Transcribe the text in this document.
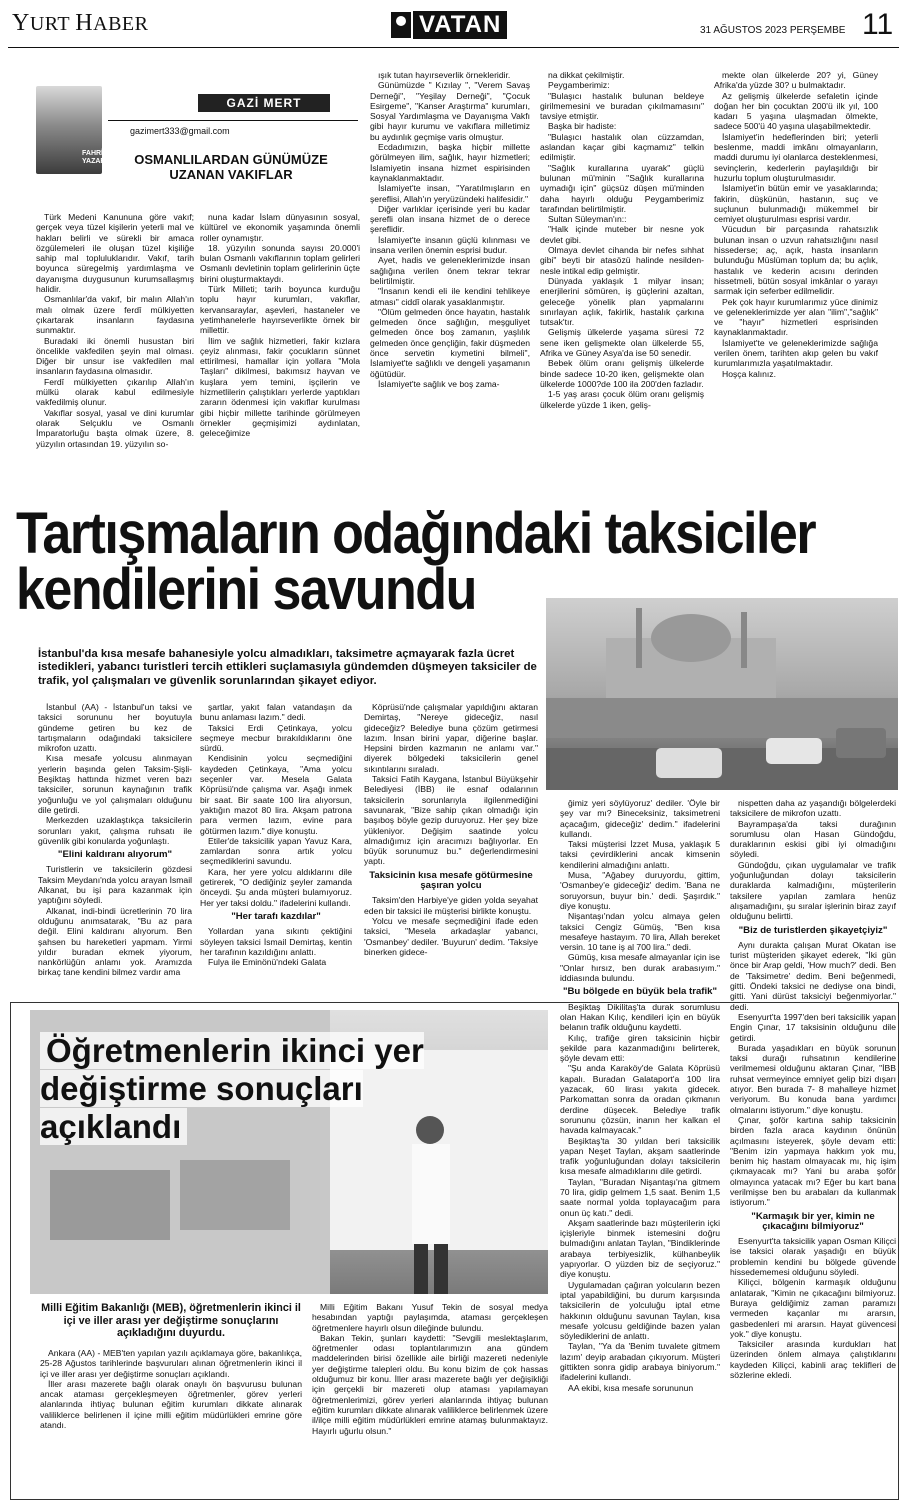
YURT HABER	VATAN	31 AĞUSTOS 2023 PERŞEMBE 11
FAHRİ YAZAR
GAZİ MERT
gazimert333@gmail.com
OSMANLILARDAN GÜNÜMÜZE UZANAN VAKIFLAR

Türk Medeni Kanununa göre vakıf; gerçek veya tüzel kişilerin yeterli mal ve hakları belirli ve sürekli bir amaca özgülemeleri ile oluşan tüzel kişiliğe sahip mal topluluklarıdır. Vakıf, tarih boyunca süregelmiş yardımlaşma ve dayanışma duygusunun kurumsallaşmış halidir.

Osmanlılar'da vakıf, bir malın Allah'ın malı olmak üzere ferdî mülkiyetten çıkartarak insanların faydasına sunmaktır.

Buradaki iki önemli husustan biri öncelikle vakfedilen şeyin mal olması. Diğer bir unsur ise vakfedilen mal insanların faydasına olmasıdır.

Ferdî mülkiyetten çıkarılıp Allah'ın mülkü olarak kabul edilmesiyle vakfedilmiş olunur.

Vakıflar sosyal, yasal ve dini kurumlar olarak Selçuklu ve Osmanlı İmparatorluğu başta olmak üzere, 8. yüzyılın ortasından 19. yüzyılın so-

nuna kadar İslam dünyasının sosyal, kültürel ve ekonomik yaşamında önemli roller oynamıştır.

18. yüzyılın sonunda sayısı 20.000'i bulan Osmanlı vakıflarının toplam gelirleri Osmanlı devletinin toplam gelirlerinin üçte birini oluşturmaktaydı.

Türk Milleti; tarih boyunca kurduğu toplu hayır kurumları, vakıflar, kervansaraylar, aşevleri, hastaneler ve yetimhanelerle hayırseverlikte örnek bir millettir.

İlim ve sağlık hizmetleri, fakir kızlara çeyiz alınması, fakir çocukların sünnet ettirilmesi, hamallar için yollara "Mola Taşları" dikilmesi, bakımsız hayvan ve kuşlara yem temini, işçilerin ve hizmetlilerin çalıştıkları yerlerde yaptıkları zararın ödenmesi için vakıflar kurulması gibi hiçbir millette tarihinde görülmeyen örnekler geçmişimizi aydınlatan, geleceğimize

ışık tutan hayırseverlik örnekleridir.

Günümüzde " Kızılay ", "Verem Savaş Derneği", "Yeşilay Derneği", "Çocuk Esirgeme", "Kanser Araştırma" kurumları, Sosyal Yardımlaşma ve Dayanışma Vakfı gibi hayır kurumu ve vakıflara milletimiz bu aydınlık geçmişe varis olmuştur.

Ecdadımızın, başka hiçbir millette görülmeyen ilim, sağlık, hayır hizmetleri; İslamiyetin insana hizmet espirisinden kaynaklanmaktadır.

İslamiyet'te insan, "Yaratılmışların en şereflisi, Allah'ın yeryüzündeki halifesidir."

Diğer varlıklar içerisinde yeri bu kadar şerefli olan insana hizmet de o derece şereflidir.

İslamiyet'te insanın güçlü kılınması ve insana verilen önemin esprisi budur.

Ayet, hadis ve geleneklerimizde insan sağlığına verilen önem tekrar tekrar belirtilmiştir.

"İnsanın kendi eli ile kendini tehlikeye atması" ciddî olarak yasaklanmıştır.

"Ölüm gelmeden önce hayatın, hastalık gelmeden önce sağlığın, meşguliyet gelmeden önce boş zamanın, yaşlılık gelmeden önce gençliğin, fakir düşmeden önce servetin kıymetini bilmeli", İslamiyet'te sağlıklı ve dengeli yaşamanın öğütüdür.

İslamiyet'te sağlık ve boş zama-

na dikkat çekilmiştir.

Peygamberimiz:

"Bulaşıcı hastalık bulunan beldeye girilmemesini ve buradan çıkılmamasını" tavsiye etmiştir.

Başka bir hadiste:

"Bulaşıcı hastalık olan cüzzamdan, aslandan kaçar gibi kaçmamız" telkin edilmiştir.

"Sağlık kurallarına uyarak" güçlü bulunan mü'minin "Sağlık kurallarına uymadığı için" güçsüz düşen mü'minden daha hayırlı olduğu Peygamberimiz tarafından belirtilmiştir.

Sultan Süleyman'ın::

"Halk içinde muteber bir nesne yok devlet gibi.

Olmaya devlet cihanda bir nefes sıhhat gibi" beyti bir atasözü halinde nesilden-nesle intikal edip gelmiştir.

Dünyada yaklaşık 1 milyar insan; enerjilerini sömüren, iş güçlerini azaltan, geleceğe yönelik plan yapmalarını sınırlayan açlık, fakirlik, hastalık çarkına tutsak'tır.

Gelişmiş ülkelerde yaşama süresi 72 sene iken gelişmekte olan ülkelerde 55, Afrika ve Güney Asya'da ise 50 senedir.

Bebek ölüm oranı gelişmiş ülkelerde binde sadece 10-20 iken, gelişmekte olan ülkelerde 1000?de 100 ila 200'den fazladır.

1-5 yaş arası çocuk ölüm oranı gelişmiş ülkelerde yüzde 1 iken, geliş-

mekte olan ülkelerde 20? yi, Güney Afrika'da yüzde 30? u bulmaktadır.

Az gelişmiş ülkelerde sefaletin içinde doğan her bin çocuktan 200'ü ilk yıl, 100 kadarı 5 yaşına ulaşmadan ölmekte, sadece 500'ü 40 yaşına ulaşabilmektedir.

İslamiyet'in hedeflerinden biri; yeterli beslenme, maddi imkânı olmayanların, maddi durumu iyi olanlarca desteklenmesi, sevinçlerin, kederlerin paylaşıldığı bir huzurlu toplum oluşturulmasıdır.

İslamiyet'in bütün emir ve yasaklarında; fakirin, düşkünün, hastanın, suç ve suçlunun bulunmadığı mükemmel bir cemiyet oluşturulması esprisi vardır.

Vücudun bir parçasında rahatsızlık bulunan insan o uzvun rahatsızlığını nasıl hissederse; aç, açık, hasta insanların bulunduğu Müslüman toplum da; bu açlık, hastalık ve kederin acısını derinden hissetmeli, bütün sosyal imkânlar o yarayı sarmak için seferber edilmelidir.

Pek çok hayır kurumlarımız yüce dinimiz ve geleneklerimizde yer alan "ilim","sağlık" ve "hayır" hizmetleri esprisinden kaynaklanmaktadır.

İslamiyet'te ve geleneklerimizde sağlığa verilen önem, tarihten akıp gelen bu vakıf kurumlarımızla yaşatılmaktadır.

Hoşça kalınız.

Tartışmaların odağındaki taksiciler kendilerini savundu
İstanbul'da kısa mesafe bahanesiyle yolcu almadıkları, taksimetre açmayarak fazla ücret istedikleri, yabancı turistleri tercih ettikleri suçlamasıyla gündemden düşmeyen taksiciler de trafik, yol çalışmaları ve güvenlik sorunlarından şikayet ediyor.

İstanbul (AA) - İstanbul'un taksi ve taksici sorununu her boyutuyla gündeme getiren bu kez de tartışmaların odağındaki taksicilere mikrofon uzattı.

Kısa mesafe yolcusu alınmayan yerlerin başında gelen Taksim-Şişli-Beşiktaş hattında hizmet veren bazı taksiciler, sorunun kaynağının trafik yoğunluğu ve yol çalışmaları olduğunu dile getirdi.

Merkezden uzaklaştıkça taksicilerin sorunları yakıt, çalışma ruhsatı ile güvenlik gibi konularda yoğunlaştı.

"Elini kaldıranı alıyorum"

Turistlerin ve taksicilerin gözdesi Taksim Meydanı'nda yolcu arayan İsmail Alkanat, bu işi para kazanmak için yaptığını söyledi.

Alkanat, indi-bindi ücretlerinin 70 lira olduğunu anımsatarak, "Bu az para değil. Elini kaldıranı alıyorum. Ben şahsen bu hareketleri yapmam. Yirmi yıldır buradan ekmek yiyorum, nankörlüğün anlamı yok. Aramızda birkaç tane kendini bilmez vardır ama

şartlar, yakıt falan vatandaşın da bunu anlaması lazım." dedi.

Taksici Erdi Çetinkaya, yolcu seçmeye mecbur bırakıldıklarını öne sürdü.

Kendisinin yolcu seçmediğini kaydeden Çetinkaya, "Ama yolcu seçenler var. Mesela Galata Köprüsü'nde çalışma var. Aşağı inmek bir saat. Bir saate 100 lira alıyorsun, yaktığın mazot 80 lira. Akşam patrona para vermen lazım, evine para götürmen lazım." diye konuştu.

Etiler'de taksicilik yapan Yavuz Kara, zamlardan sonra artık yolcu seçmediklerini savundu.

Kara, her yere yolcu aldıklarını dile getirerek, "O dediğiniz şeyler zamanda önceydi. Şu anda müşteri bulamıyoruz. Her yer taksi doldu." ifadelerini kullandı.

"Her tarafı kazdılar"

Yollardan yana sıkıntı çektiğini söyleyen taksici İsmail Demirtaş, kentin her tarafının kazıldığını anlattı.

Fulya ile Eminönü'ndeki Galata

Köprüsü'nde çalışmalar yapıldığını aktaran Demirtaş, "Nereye gideceğiz, nasıl gideceğiz? Belediye buna çözüm getirmesi lazım. İnsan birini yapar, diğerine başlar. Hepsini birden kazmanın ne anlamı var." diyerek bölgedeki taksicilerin genel sıkıntılarını sıraladı.

Taksici Fatih Kaygana, İstanbul Büyükşehir Belediyesi (İBB) ile esnaf odalarının taksicilerin sorunlarıyla ilgilenmediğini savunarak, "Bize sahip çıkan olmadığı için başıboş böyle gezip duruyoruz. Her şey bize yükleniyor. Değişim saatinde yolcu almadığımız için aracımızı bağlıyorlar. En büyük sorunumuz bu." değerlendirmesini yaptı.

Taksicinin kısa mesafe götürmesine şaşıran yolcu

Taksim'den Harbiye'ye giden yolda seyahat eden bir taksici ile müşterisi birlikte konuştu.

Yolcu ve mesafe seçmediğini ifade eden taksici, "Mesela arkadaşlar yabancı, 'Osmanbey' dediler. 'Buyurun' dedim. 'Taksiye binerken gidece-

ğimiz yeri söylüyoruz' dediler. 'Öyle bir şey var mı? Bineceksiniz, taksimetreni açacağım, gideceğiz' dedim." ifadelerini kullandı.

Taksi müşterisi İzzet Musa, yaklaşık 5 taksi çevirdiklerini ancak kimsenin kendilerini almadığını anlattı.

Musa, "Ağabey duruyordu, gittim, 'Osmanbey'e gideceğiz' dedim. 'Bana ne soruyorsun, buyur bin.' dedi. Şaşırdık." diye konuştu.

Nişantaşı'ndan yolcu almaya gelen taksici Cengiz Gümüş, "Ben kısa mesafeye hastayım. 70 lira, Allah bereket versin. 10 tane iş al 700 lira." dedi.

Gümüş, kısa mesafe almayanlar için ise "Onlar hırsız, ben durak arabasıyım." iddiasında bulundu.

"Bu bölgede en büyük bela trafik"

Beşiktaş Dikilitaş'ta durak sorumlusu olan Hakan Kılıç, kendileri için en büyük belanın trafik olduğunu kaydetti.

Kılıç, trafiğe giren taksicinin hiçbir şekilde para kazanmadığını belirterek, şöyle devam etti:

"Şu anda Karaköy'de Galata Köprüsü kapalı. Buradan Galataport'a 100 lira yazacak, 60 lirası yakıta gidecek. Parkomattan sonra da oradan çıkmanın derdine düşecek. Belediye trafik sorununu çözsün, inanın her kalkan el havada kalmayacak."

Beşiktaş'ta 30 yıldan beri taksicilik yapan Neşet Taylan, akşam saatlerinde trafik yoğunluğundan dolayı taksicilerin kısa mesafe almadıklarını dile getirdi.

Taylan, "Buradan Nişantaşı'na gitmem 70 lira, gidip gelmem 1,5 saat. Benim 1,5 saate normal yolda toplayacağım para onun üç katı." dedi.

Akşam saatlerinde bazı müşterilerin içki içişleriyle binmek istemesini doğru bulmadığını anlatan Taylan, "Bindiklerinde arabaya terbiyesizlik, külhanbeylik yapıyorlar. O yüzden biz de seçiyoruz." diye konuştu.

Uygulamadan çağıran yolcuların bezen iptal yapabildiğini, bu durum karşısında taksicilerin de yolculuğu iptal etme hakkının olduğunu savunan Taylan, kısa mesafe yolcusu geldiğinde bazen yalan söylediklerini de anlattı.

Taylan, "Ya da 'Benim tuvalete gitmem lazım' deyip arabadan çıkıyorum. Müşteri gittikten sonra gidip arabaya biniyorum." ifadelerini kullandı.

AA ekibi, kısa mesafe sorununun

nispetten daha az yaşandığı bölgelerdeki taksicilere de mikrofon uzattı.

Bayrampaşa'da taksi durağının sorumlusu olan Hasan Gündoğdu, duraklarının eskisi gibi iyi olmadığını söyledi.

Gündoğdu, çıkan uygulamalar ve trafik yoğunluğundan dolayı taksicilerin duraklarda kalmadığını, müşterilerin taksilere yapılan zamlara henüz alışamadığını, şu sıralar işlerinin biraz zayıf olduğunu belirtti.

"Biz de turistlerden şikayetçiyiz"

Aynı durakta çalışan Murat Okatan ise turist müşteriden şikayet ederek, "İki gün önce bir Arap geldi, 'How much?' dedi. Ben de 'Taksimetre' dedim. Beni beğenmedi, gitti. Öndeki taksici ne dediyse ona bindi, gitti. Yani dürüst taksiciyi beğenmiyorlar." dedi.

Esenyurt'ta 1997'den beri taksicilik yapan Engin Çınar, 17 taksisinin olduğunu dile getirdi.

Burada yaşadıkları en büyük sorunun taksi durağı ruhsatının kendilerine verilmemesi olduğunu aktaran Çınar, "İBB ruhsat vermeyince emniyet gelip bizi dışarı atıyor. Ben burada 7- 8 mahalleye hizmet veriyorum. Bu konuda bana yardımcı olmalarını istiyorum." diye konuştu.

Çınar, şoför kartına sahip taksicinin birden fazla araca kaydının önünün açılmasını isteyerek, şöyle devam etti: "Benim izin yapmaya hakkım yok mu, benim hiç hastam olmayacak mı, hiç işim çıkmayacak mı? Yani bu araba şoför olmayınca yatacak mı? Eğer bu kart bana verilmişse ben bu arabaları da kullanmak istiyorum."

"Karmaşık bir yer, kimin ne çıkacağını bilmiyoruz"

Esenyurt'ta taksicilik yapan Osman Kiliçci ise taksici olarak yaşadığı en büyük problemin kendini bu bölgede güvende hissedememesi olduğunu söyledi.

Kiliçci, bölgenin karmaşık olduğunu anlatarak, "Kimin ne çıkacağını bilmiyoruz. Buraya geldiğimiz zaman paramızı vermeden kaçanlar mı ararsın, gasbedenleri mi ararsın. Hayat güvencesi yok." diye konuştu.

Taksiciler arasında kurdukları hat üzerinden önlem almaya çalıştıklarını kaydeden Kiliçci, kabinli araç teklifleri de sözlerine ekledi.

Öğretmenlerin ikinci yer değiştirme sonuçları açıklandı
Milli Eğitim Bakanlığı (MEB), öğretmenlerin ikinci il içi ve iller arası yer değiştirme sonuçlarını açıkladığını duyurdu.

Ankara (AA) - MEB'ten yapılan yazılı açıklamaya göre, bakanlıkça, 25-28 Ağustos tarihlerinde başvuruları alınan öğretmenlerin ikinci il içi ve iller arası yer değiştirme sonuçları açıklandı.

İller arası mazerete bağlı olarak onaylı ön başvurusu bulunan ancak ataması gerçekleşmeyen öğretmenler, görev yerleri alanlarında ihtiyaç bulunan eğitim kurumları dikkate alınarak valiliklerce belirlenen il içine milli eğitim müdürlükleri emrine göre atandı.

Milli Eğitim Bakanı Yusuf Tekin de sosyal medya hesabından yaptığı paylaşımda, ataması gerçekleşen öğretmenlere hayırlı olsun dileğinde bulundu.

Bakan Tekin, şunları kaydetti: "Sevgili meslektaşlarım, öğretmenler odası toplantılarımızın ana gündem maddelerinden birisi özellikle aile birliği mazereti nedeniyle yer değiştirme talepleri oldu. Bu konu bizim de çok hassas olduğumuz bir konu. İller arası mazerete bağlı yer değişikliği için gerçekli bir mazereti olup ataması yapılamayan öğretmenlerimizi, görev yerleri alanlarında ihtiyaç bulunan eğitim kurumları dikkate alınarak valiliklerce belirlenmek üzere il/ilçe milli eğitim müdürlükleri emrine atamaş bulunmaktayız. Hayırlı uğurlu olsun."
